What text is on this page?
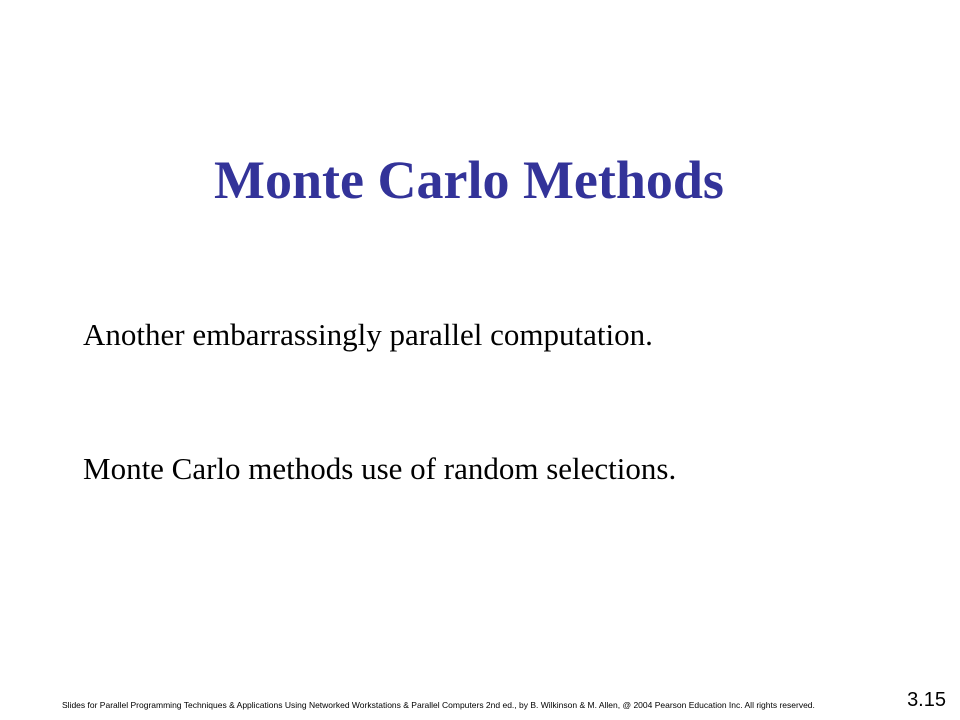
Monte Carlo Methods
Another embarrassingly parallel computation.
Monte Carlo methods use of random selections.
Slides for Parallel Programming Techniques & Applications Using Networked Workstations & Parallel Computers 2nd ed., by B. Wilkinson & M. Allen, @ 2004 Pearson Education Inc. All rights reserved.	3.15
